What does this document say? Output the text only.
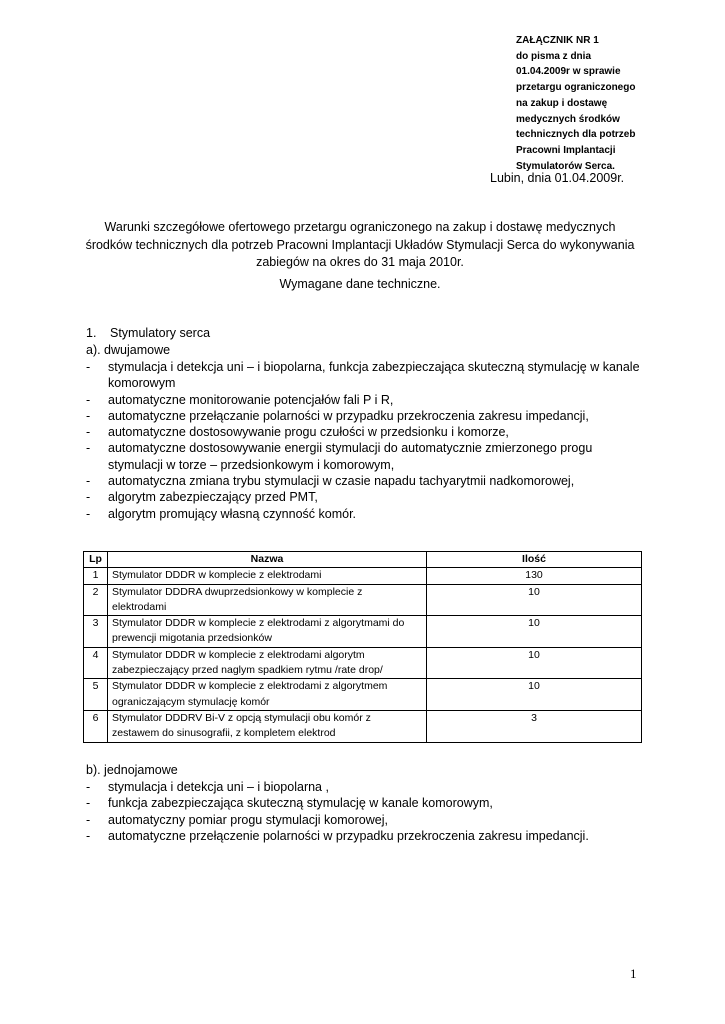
ZAŁĄCZNIK NR 1
do pisma z dnia
01.04.2009r w sprawie
przetargu ograniczonego
na zakup i dostawę
medycznych środków
technicznych dla potrzeb
Pracowni Implantacji
Stymulatorów Serca.
Lubin, dnia 01.04.2009r.
Warunki szczegółowe ofertowego przetargu ograniczonego na zakup i dostawę medycznych
środków technicznych dla potrzeb Pracowni Implantacji Układów Stymulacji Serca do wykonywania
zabiegów na okres do 31 maja 2010r.
Wymagane dane techniczne.
1. Stymulatory serca
a). dwujamowe
- stymulacja i detekcja uni – i biopolarna, funkcja zabezpieczająca skuteczną stymulację w kanale
komorowym
- automatyczne monitorowanie potencjałów fali P i R,
- automatyczne przełączanie polarności w przypadku przekroczenia zakresu impedancji,
- automatyczne dostosowywanie progu czułości w przedsionku i komorze,
- automatyczne dostosowywanie energii stymulacji do automatycznie zmierzonego progu
stymulacji w torze – przedsionkowym i komorowym,
- automatyczna zmiana trybu stymulacji w czasie napadu tachyarytmii nadkomorowej,
- algorytm zabezpieczający przed PMT,
- algorytm promujący własną czynność komór.
Lp	Nazwa	Ilość
1	Stymulator DDDR w komplecie z elektrodami	130
2	Stymulator DDDRA dwuprzedsionkowy w komplecie z
elektrodami	10
3	Stymulator DDDR w komplecie z elektrodami z algorytmami do
prewencji migotania przedsionków	10
4	Stymulator DDDR w komplecie z elektrodami algorytm
zabezpieczający przed naglym spadkiem rytmu /rate drop/	10
5	Stymulator DDDR w komplecie z elektrodami z algorytmem
ograniczającym stymulację komór	10
6	Stymulator DDDRV Bi-V z opcją stymulacji obu komór z
zestawem do sinusografii, z kompletem elektrod	3
b). jednojamowe
- stymulacja i detekcja uni – i biopolarna ,
- funkcja zabezpieczająca skuteczną stymulację w kanale komorowym,
- automatyczny pomiar progu stymulacji komorowej,
- automatyczne przełączenie polarności w przypadku przekroczenia zakresu impedancji.
1
